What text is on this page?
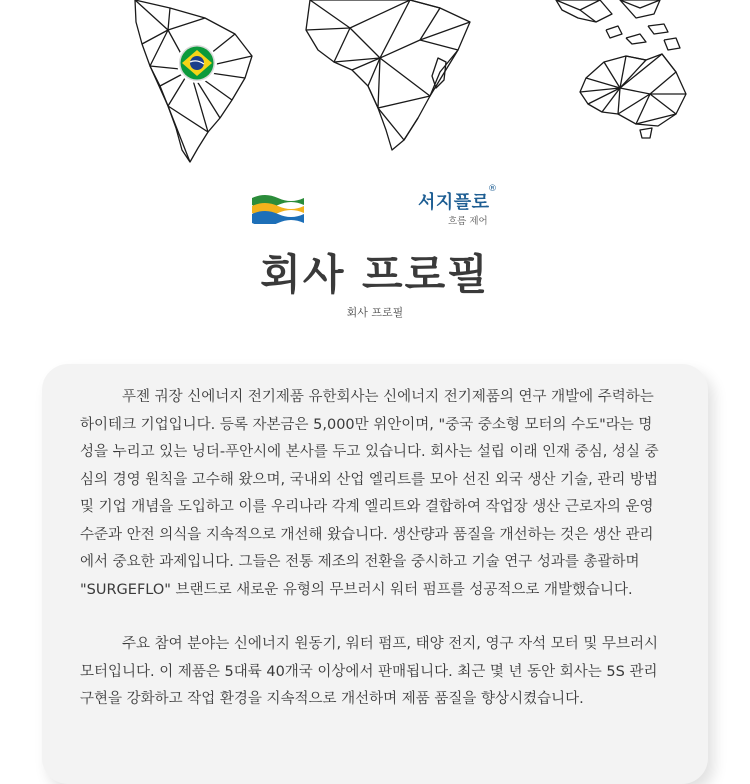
서지플로
®
흐름 제어
회사 프로필
회사 프로필

푸젠 궈장 신에너지 전기제품 유한회사는 신에너지 전기제품의 연구 개발에 주력하는 하이테크 기업입니다. 등록 자본금은 5,000만 위안이며, "중국 중소형 모터의 수도"라는 명성을 누리고 있는 닝더-푸안시에 본사를 두고 있습니다. 회사는 설립 이래 인재 중심, 성실 중심의 경영 원칙을 고수해 왔으며, 국내외 산업 엘리트를 모아 선진 외국 생산 기술, 관리 방법 및 기업 개념을 도입하고 이를 우리나라 각계 엘리트와 결합하여 작업장 생산 근로자의 운영 수준과 안전 의식을 지속적으로 개선해 왔습니다. 생산량과 품질을 개선하는 것은 생산 관리에서 중요한 과제입니다. 그들은 전통 제조의 전환을 중시하고 기술 연구 성과를 총괄하며 "SURGEFLO" 브랜드로 새로운 유형의 무브러시 워터 펌프를 성공적으로 개발했습니다.

주요 참여 분야는 신에너지 원동기, 워터 펌프, 태양 전지, 영구 자석 모터 및 무브러시 모터입니다. 이 제품은 5대륙 40개국 이상에서 판매됩니다. 최근 몇 년 동안 회사는 5S 관리 구현을 강화하고 작업 환경을 지속적으로 개선하며 제품 품질을 향상시켰습니다.
